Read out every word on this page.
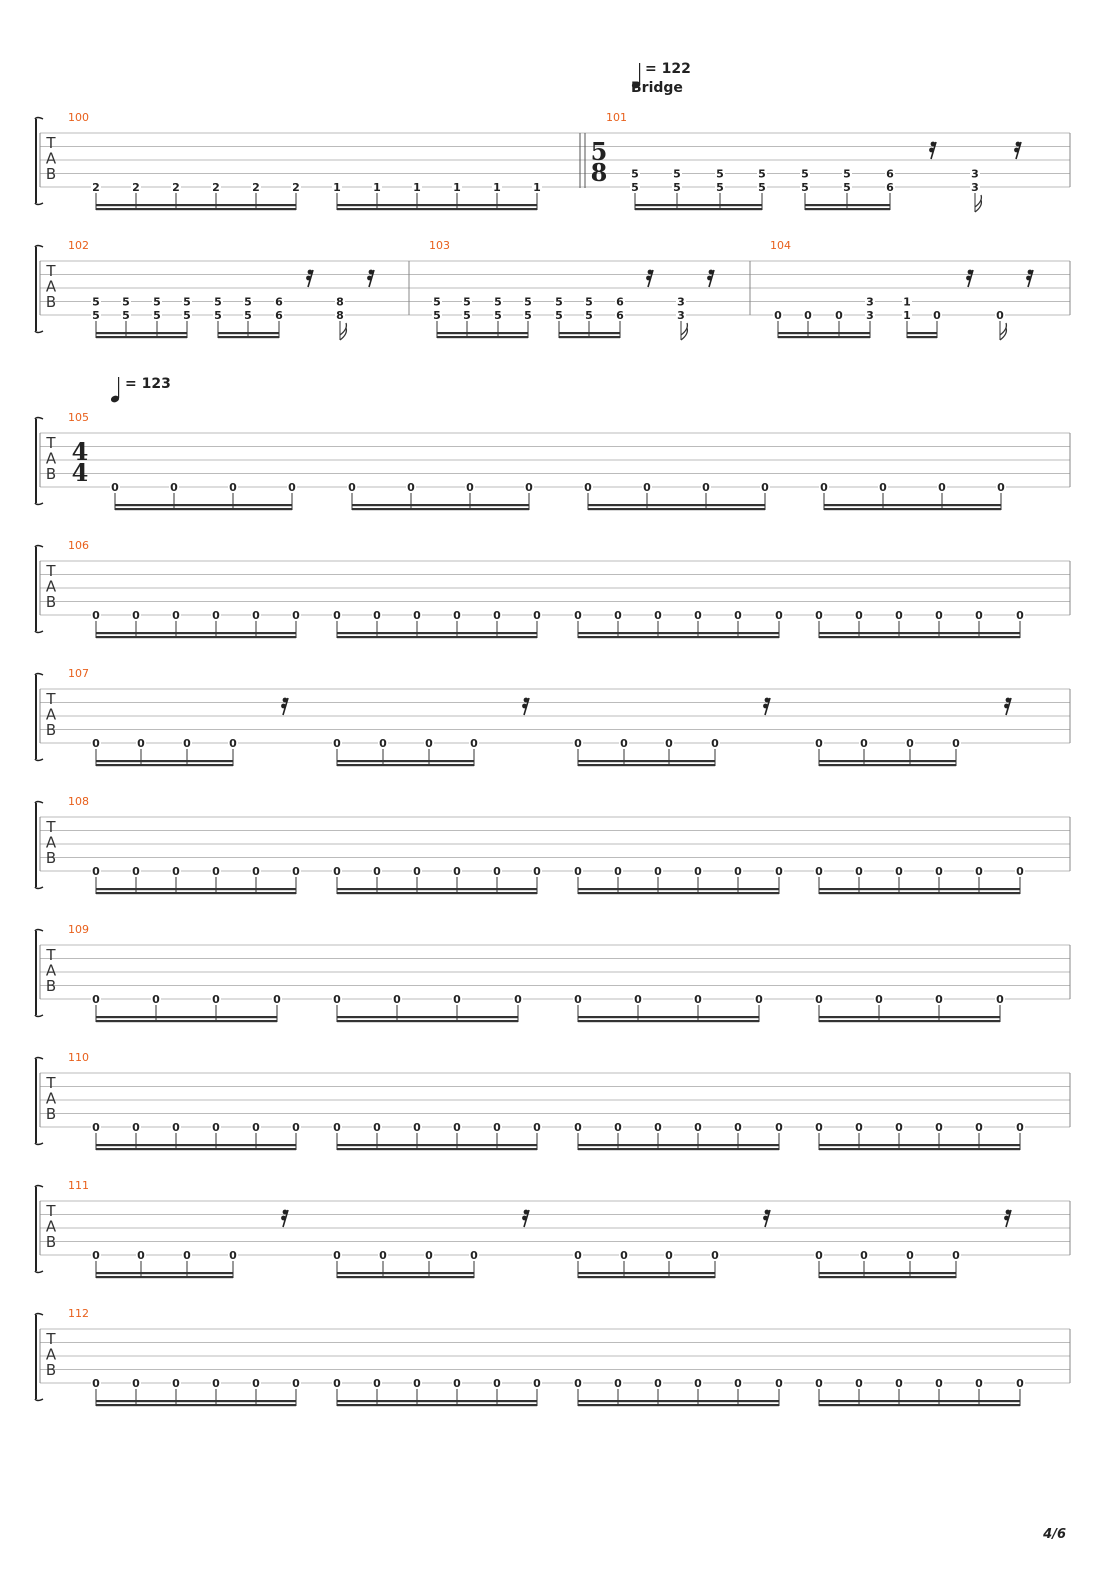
T
A
B
100
2	2	2	2	2	2	1	1	1	1	1	1
101
5
8 5
5
5
5
5
5
5
5
5
5
5
5
6
6
3
3
T
A
B
102
5
5
5
5
5
5
5
5
5
5
5
5
6
6
8
8
103
5
5
5
5
5
5
5
5
5
5
5
5
6
6
3
3
104
0 0 0
3
3
1
1 0	0
T
A
B
105
4
4
0	0	0	0	0	0	0	0	0	0	0	0	0	0	0	0
T
A
B
106
0	0	0	0	0	0	0	0	0	0	0	0	0	0	0	0	0	0	0	0	0	0	0	0
T
A
B
107
0	0	0	0	0	0	0	0	0	0	0	0	0	0	0	0
T
A
B
108
0	0	0	0	0	0	0	0	0	0	0	0	0	0	0	0	0	0	0	0	0	0	0	0
T
A
B
109
0	0	0	0	0	0	0	0	0	0	0	0	0	0	0	0
T
A
B
110
0	0	0	0	0	0	0	0	0	0	0	0	0	0	0	0	0	0	0	0	0	0	0	0
T
A
B
111
0	0	0	0	0	0	0	0	0	0	0	0	0	0	0	0
T
A
B
112
0	0	0	0	0	0	0	0	0	0	0	0	0	0	0	0	0	0	0	0	0	0	0	0
= 122
Bridge
= 123
4/6
